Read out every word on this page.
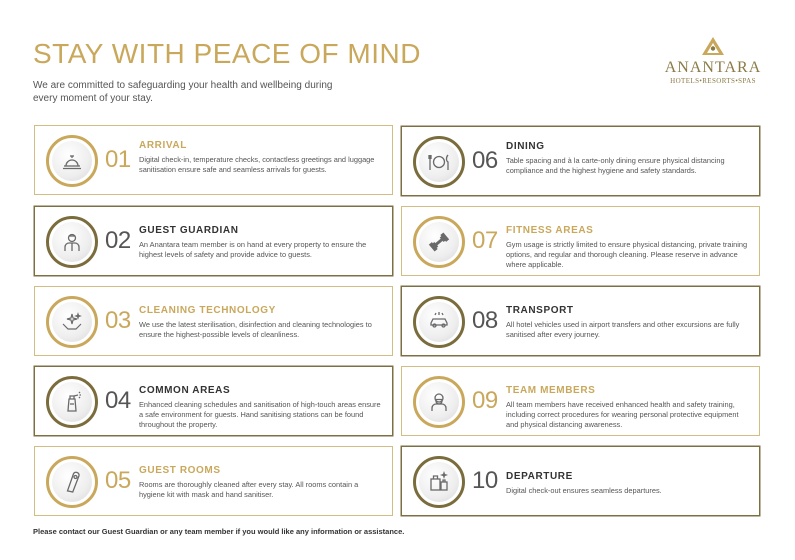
STAY WITH PEACE OF MIND
We are committed to safeguarding your health and wellbeing during every moment of your stay.
ANANTARA
HOTELS•RESORTS•SPAS
01
ARRIVAL
Digital check-in, temperature checks, contactless greetings and luggage sanitisation ensure safe and seamless arrivals for guests.
02 GUEST GUARDIAN
An Anantara team member is on hand at every property to ensure the highest levels of safety and provide advice to guests.
03 CLEANING TECHNOLOGY
We use the latest sterilisation, disinfection and cleaning technologies to ensure the highest-possible levels of cleanliness.
04 COMMON AREAS
Enhanced cleaning schedules and sanitisation of high-touch areas ensure a safe environment for guests. Hand sanitising stations can be found throughout the property.
05 GUEST ROOMS
Rooms are thoroughly cleaned after every stay. All rooms contain a hygiene kit with mask and hand sanitiser.
06
DINING
Table spacing and à la carte-only dining ensure physical distancing compliance and the highest hygiene and safety standards.
07 FITNESS AREAS
Gym usage is strictly limited to ensure physical distancing, private training options, and regular and thorough cleaning. Please reserve in advance where applicable.
08 TRANSPORT
All hotel vehicles used in airport transfers and other excursions are fully sanitised after every journey.
09 TEAM MEMBERS
All team members have received enhanced health and safety training, including correct procedures for wearing personal protective equipment and physical distancing awareness.
10 DEPARTURE
Digital check-out ensures seamless departures.
Please contact our Guest Guardian or any team member if you would like any information or assistance.
